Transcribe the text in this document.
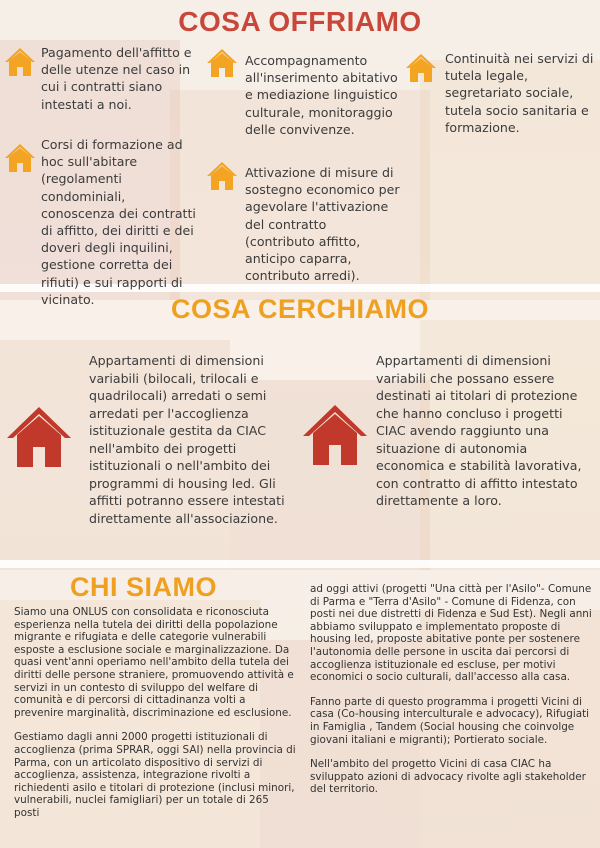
COSA OFFRIAMO
Pagamento dell'affitto e delle utenze nel caso in cui i contratti siano intestati a noi.
Accompagnamento all'inserimento abitativo e mediazione linguistico culturale, monitoraggio delle convivenze.
Continuità nei servizi di tutela legale, segretariato sociale, tutela socio sanitaria e formazione.
Corsi di formazione ad hoc sull'abitare (regolamenti condominiali, conoscenza dei contratti di affitto, dei diritti e dei doveri degli inquilini, gestione corretta dei rifiuti) e sui rapporti di vicinato.
Attivazione di misure di sostegno economico per agevolare l'attivazione del contratto (contributo affitto, anticipo caparra, contributo arredi).
COSA CERCHIAMO
Appartamenti di dimensioni variabili (bilocali, trilocali e quadrilocali) arredati o semi arredati per l'accoglienza istituzionale gestita da CIAC nell'ambito dei progetti istituzionali o nell'ambito dei programmi di housing led. Gli affitti potranno essere intestati direttamente all'associazione.
Appartamenti di dimensioni variabili che possano essere destinati ai titolari di protezione che hanno concluso i progetti CIAC avendo raggiunto una situazione di autonomia economica e stabilità lavorativa, con contratto di affitto intestato direttamente a loro.
CHI SIAMO

Siamo una ONLUS con consolidata e riconosciuta esperienza nella tutela dei diritti della popolazione migrante e rifugiata e delle categorie vulnerabili esposte a esclusione sociale e marginalizzazione. Da quasi vent'anni operiamo nell'ambito della tutela dei diritti delle persone straniere, promuovendo attività e servizi in un contesto di sviluppo del welfare di comunità e di percorsi di cittadinanza volti a prevenire marginalità, discriminazione ed esclusione.

Gestiamo dagli anni 2000 progetti istituzionali di accoglienza (prima SPRAR, oggi SAI) nella provincia di Parma, con un articolato dispositivo di servizi di accoglienza, assistenza, integrazione rivolti a richiedenti asilo e titolari di protezione (inclusi minori, vulnerabili, nuclei famigliari) per un totale di 265 posti

ad oggi attivi (progetti "Una città per l'Asilo"- Comune di Parma e "Terra d'Asilo" - Comune di Fidenza, con posti nei due distretti di Fidenza e Sud Est). Negli anni abbiamo sviluppato e implementato proposte di housing led, proposte abitative ponte per sostenere l'autonomia delle persone in uscita dai percorsi di accoglienza istituzionale ed escluse, per motivi economici o socio culturali, dall'accesso alla casa.

Fanno parte di questo programma i progetti Vicini di casa (Co-housing interculturale e advocacy), Rifugiati in Famiglia , Tandem (Social housing che coinvolge giovani italiani e migranti); Portierato sociale.

Nell'ambito del progetto Vicini di casa CIAC ha sviluppato azioni di advocacy rivolte agli stakeholder del territorio.
